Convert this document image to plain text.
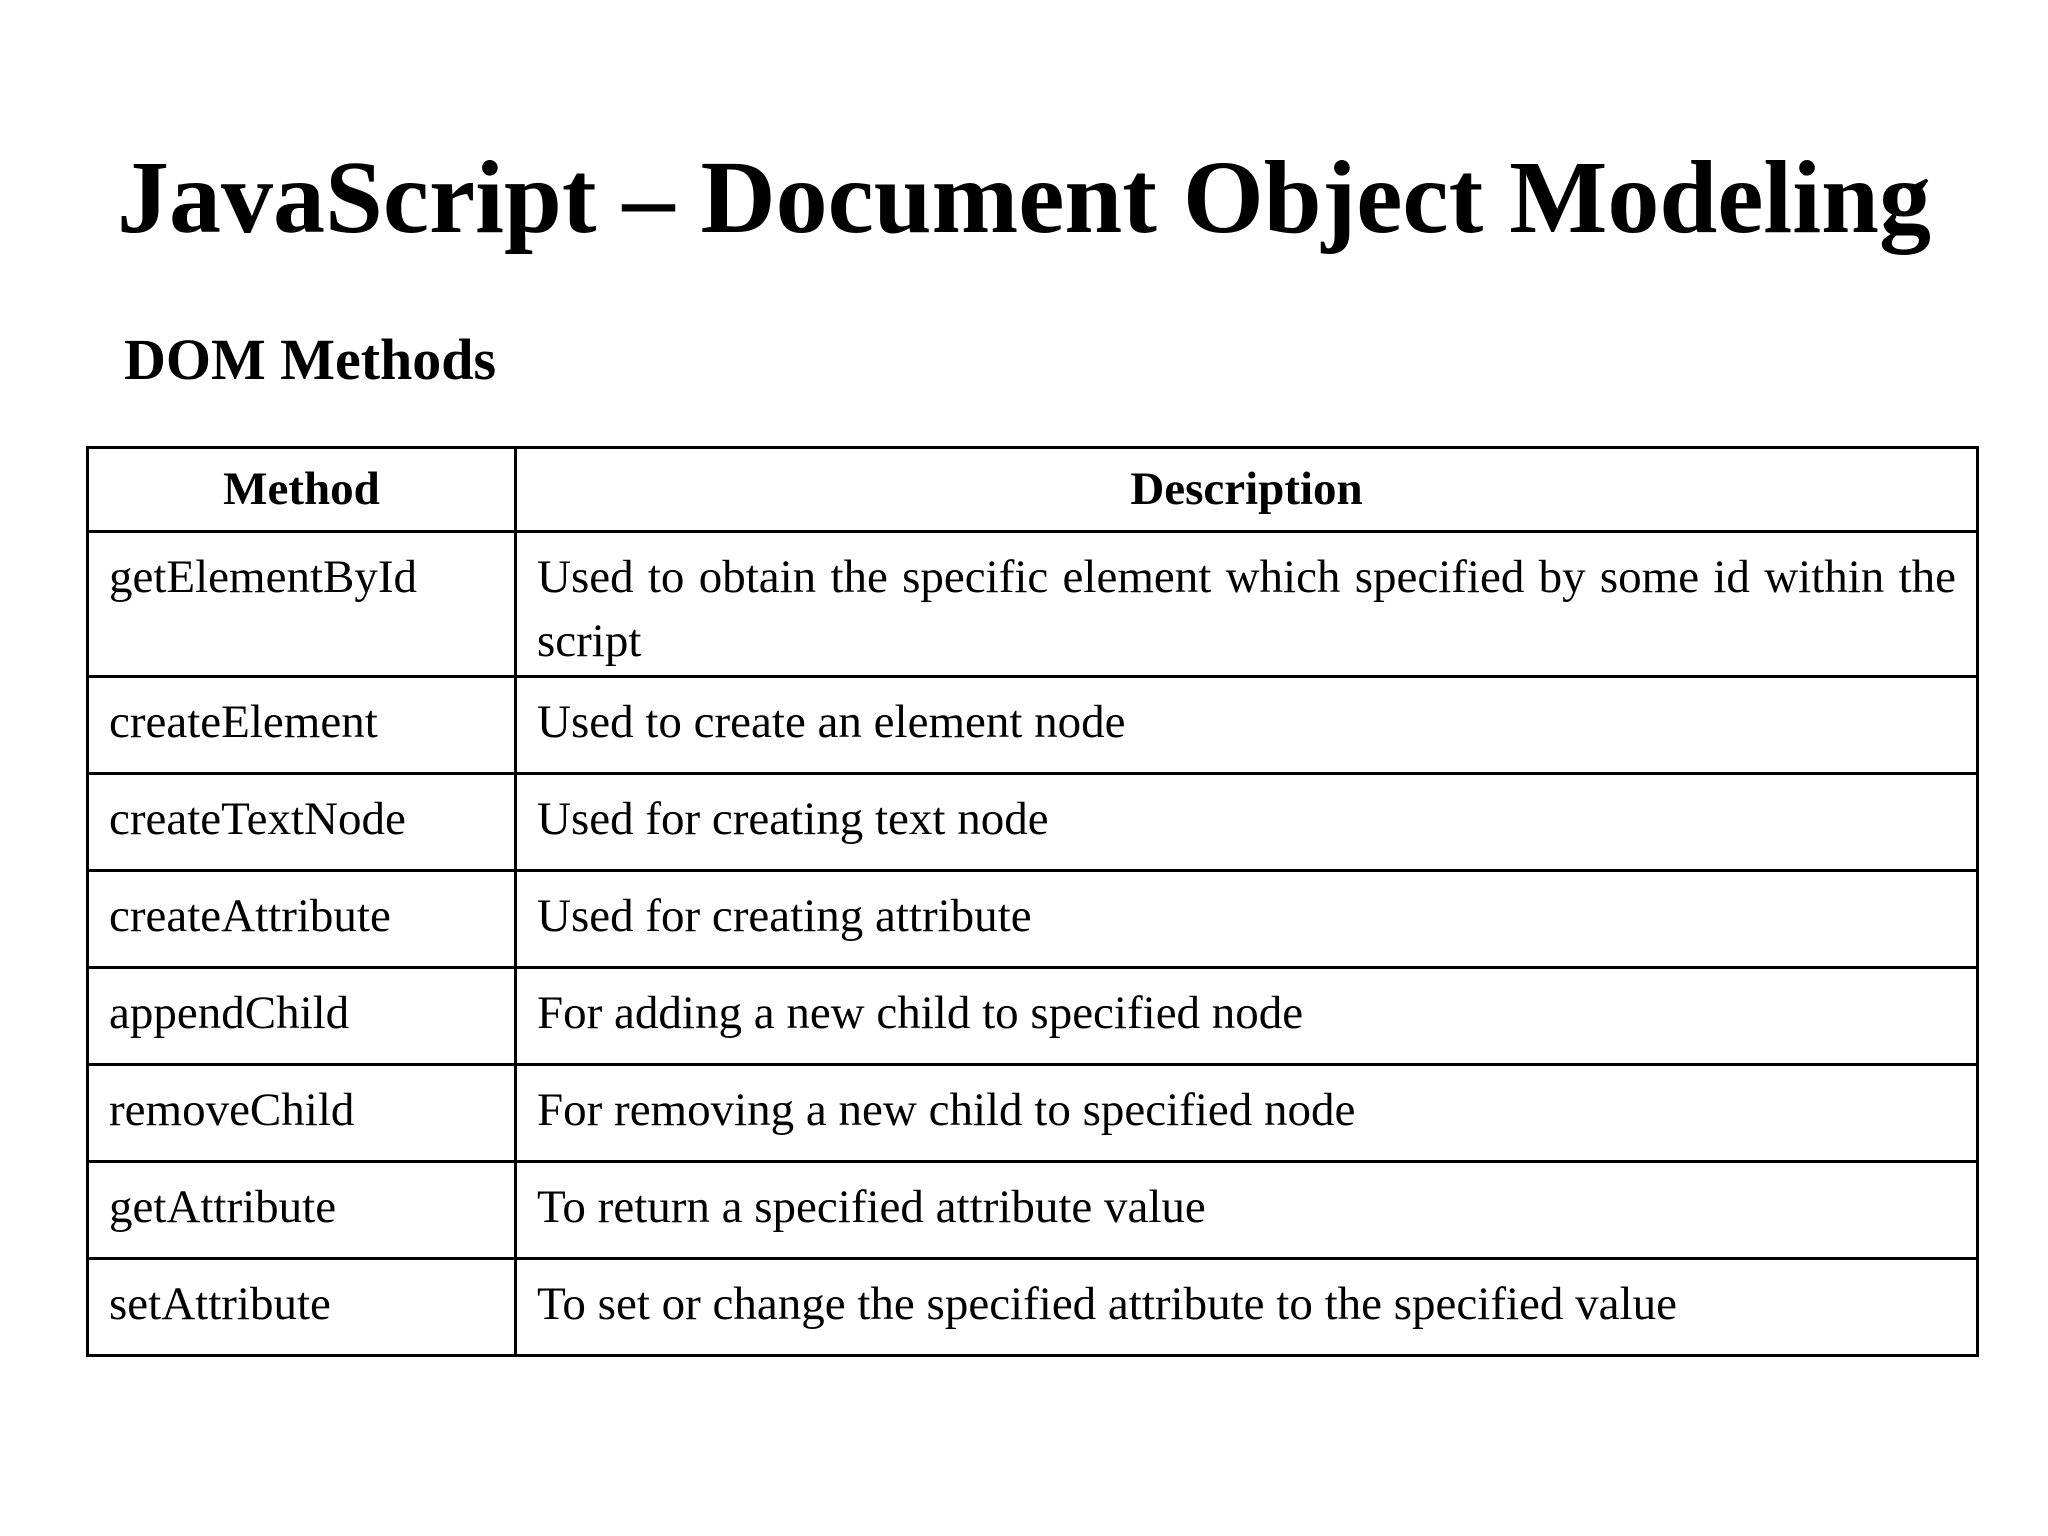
JavaScript – Document Object Modeling
DOM Methods
Method	Description
getElementById	Used to obtain the specific element which specified by some id within the script
createElement	Used to create an element node
createTextNode	Used for creating text node
createAttribute	Used for creating attribute
appendChild	For adding a new child to specified node
removeChild	For removing a new child to specified node
getAttribute	To return a specified attribute value
setAttribute	To set or change the specified attribute to the specified value
